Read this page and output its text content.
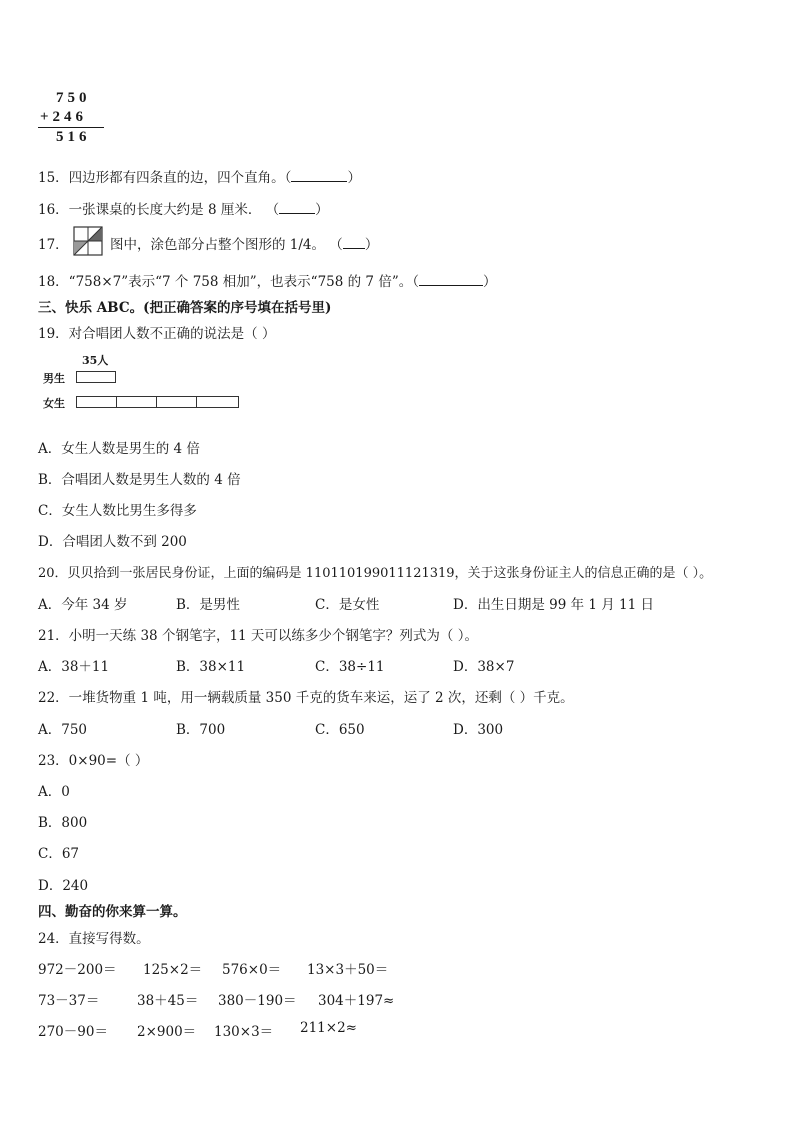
750
+246
516
15．四边形都有四条直的边，四个直角。（	）
16．一张课桌的长度大约是 8 厘米． （	）
17．	图中，涂色部分占整个图形的 1/4。 （ ）
18．“758×7”表示“7 个 758 相加”，也表示“758 的 7 倍”。（	）
三、快乐 ABC。(把正确答案的序号填在括号里)
19．对合唱团人数不正确的说法是（ ）
35人
男生
女生
A．女生人数是男生的 4 倍
B．合唱团人数是男生人数的 4 倍
C．女生人数比男生多得多
D．合唱团人数不到 200
20．贝贝拾到一张居民身份证，上面的编码是 110110199011121319，关于这张身份证主人的信息正确的是（ ）。
A．今年 34 岁	B．是男性	C．是女性	D．出生日期是 99 年 1 月 11 日
21．小明一天练 38 个钢笔字，11 天可以练多少个钢笔字？列式为（ ）。
A．38＋11	B．38×11	C．38÷11	D．38×7
22．一堆货物重 1 吨，用一辆载质量 350 千克的货车来运，运了 2 次，还剩（ ）千克。
A．750	B．700	C．650	D．300
23．0×90=（ ）
A．0
B．800
C．67
D．240
四、勤奋的你来算一算。
24．直接写得数。
972－200＝ 125×2＝ 576×0＝ 13×3＋50＝
73－37＝	38＋45＝ 380－190＝ 304＋197≈
270－90＝ 2×900＝ 130×3＝ 211×2≈
